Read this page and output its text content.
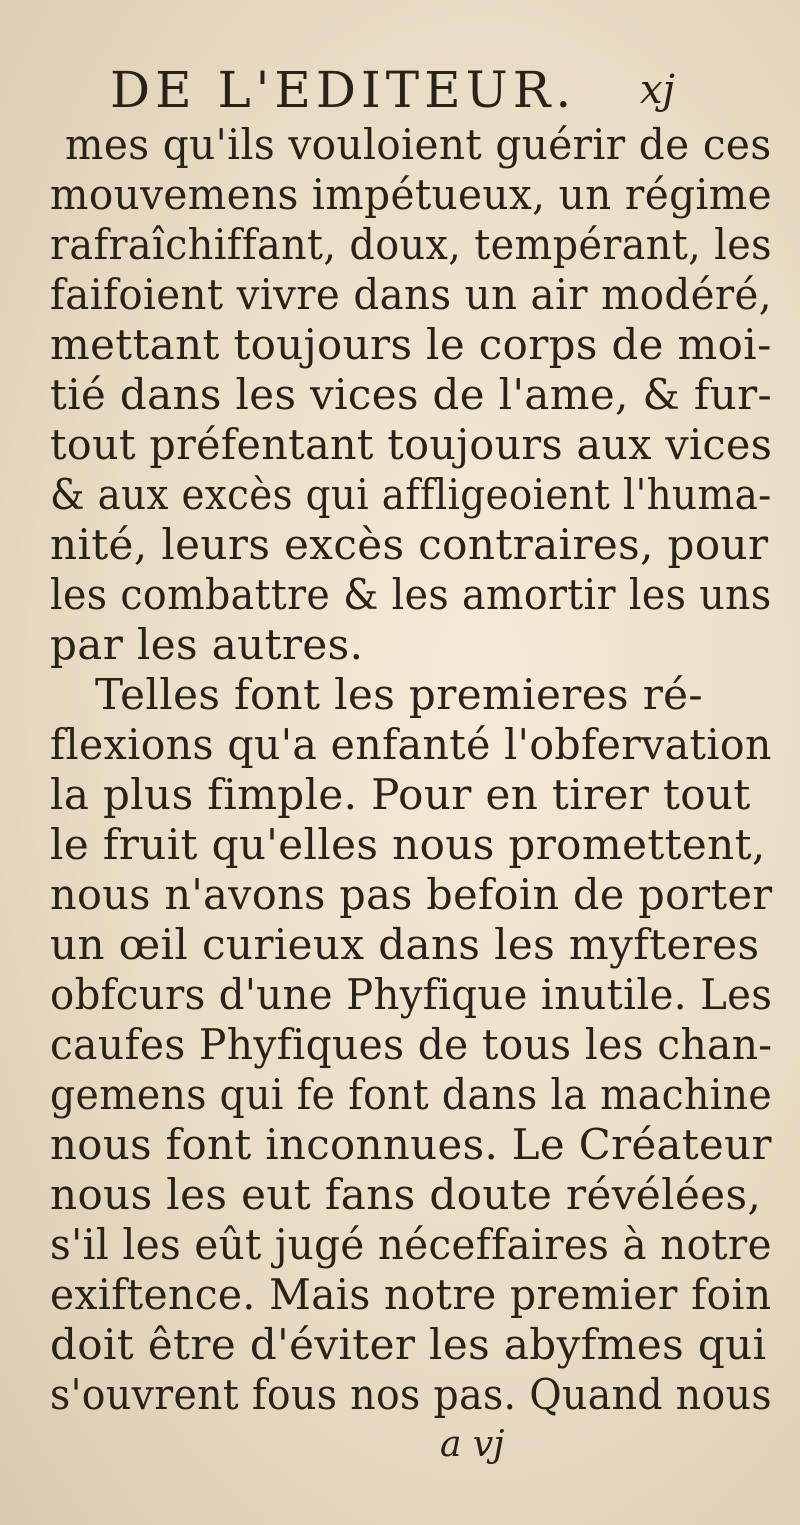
DE L'EDITEUR. xj
mes qu'ils vouloient guérir de ces
mouvemens impétueux, un régime
rafraîchiffant, doux, tempérant, les
faifoient vivre dans un air modéré,
mettant toujours le corps de moi-
tié dans les vices de l'ame, & fur-
tout préfentant toujours aux vices
& aux excès qui affligeoient l'huma-
nité, leurs excès contraires, pour
les combattre & les amortir les uns
par les autres.
Telles font les premieres ré-
flexions qu'a enfanté l'obfervation
la plus fimple. Pour en tirer tout
le fruit qu'elles nous promettent,
nous n'avons pas befoin de porter
un œil curieux dans les myfteres
obfcurs d'une Phyfique inutile. Les
caufes Phyfiques de tous les chan-
gemens qui fe font dans la machine
nous font inconnues. Le Créateur
nous les eut fans doute révélées,
s'il les eût jugé néceffaires à notre
exiftence. Mais notre premier foin
doit être d'éviter les abyfmes qui
s'ouvrent fous nos pas. Quand nous
a vj
